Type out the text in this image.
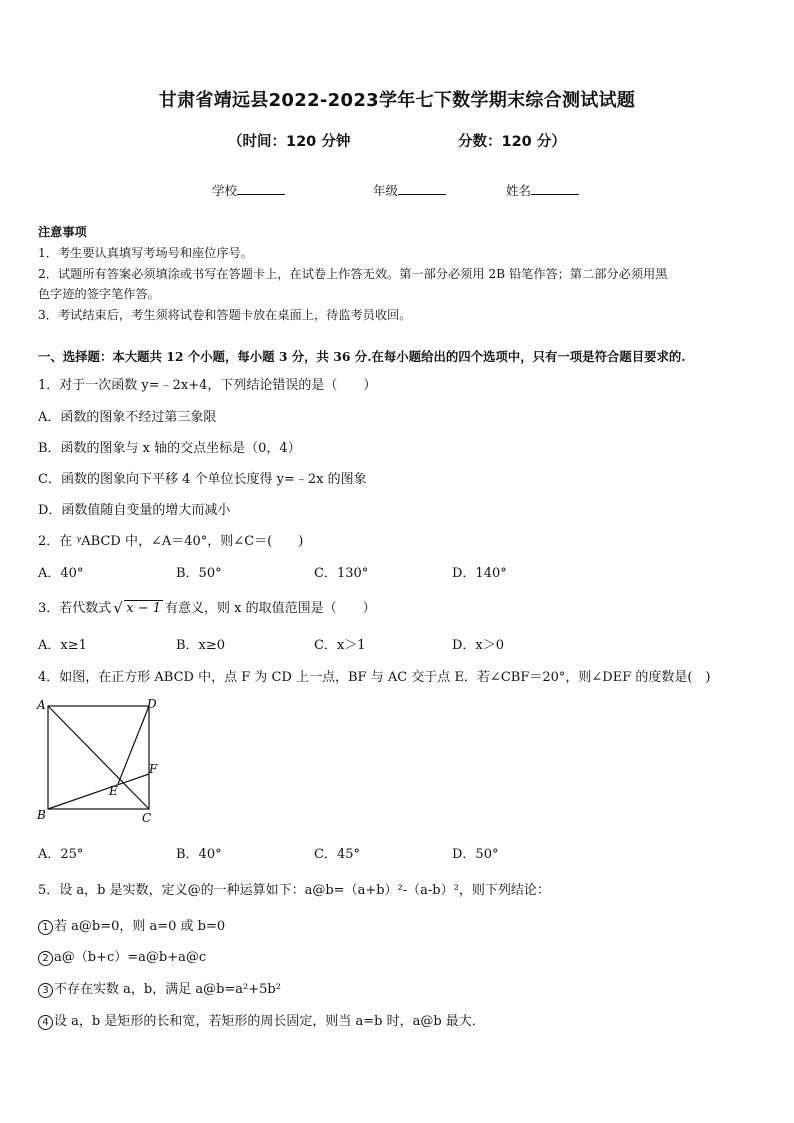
甘肃省靖远县2022-2023学年七下数学期末综合测试试题
（时间：120 分钟	分数：120 分）
学校	年级	姓名
注意事项
1．考生要认真填写考场号和座位序号。
2．试题所有答案必须填涂或书写在答题卡上，在试卷上作答无效。第一部分必须用 2B 铅笔作答；第二部分必须用黑
色字迹的签字笔作答。
3．考试结束后，考生须将试卷和答题卡放在桌面上，待监考员收回。
一、选择题：本大题共 12 个小题，每小题 3 分，共 36 分.在每小题给出的四个选项中，只有一项是符合题目要求的.
1．对于一次函数 y=﹣2x+4，下列结论错误的是（　　）
A．函数的图象不经过第三象限
B．函数的图象与 x 轴的交点坐标是（0，4）
C．函数的图象向下平移 4 个单位长度得 y=﹣2x 的图象
D．函数值随自变量的增大而减小
2．在 ᵞABCD 中，∠A＝40°，则∠C＝(　　)
A．40°	B．50°	C．130°	D．140°
3．若代数式 √ x − 1 有意义，则 x 的取值范围是（　　）
A．x≥1	B．x≥0	C．x＞1	D．x＞0
4．如图，在正方形 ABCD 中，点 F 为 CD 上一点，BF 与 AC 交于点 E．若∠CBF＝20°，则∠DEF 的度数是(　)
A	D
F
E
B	C
A．25°	B．40°	C．45°	D．50°
5．设 a，b 是实数，定义@的一种运算如下：a@b=（a+b）²-（a-b）²，则下列结论：
1 若 a@b=0，则 a=0 或 b=0
2 a@（b+c）=a@b+a@c
3 不存在实数 a，b，满足 a@b=a²+5b²
4 设 a，b 是矩形的长和宽，若矩形的周长固定，则当 a=b 时，a@b 最大．
